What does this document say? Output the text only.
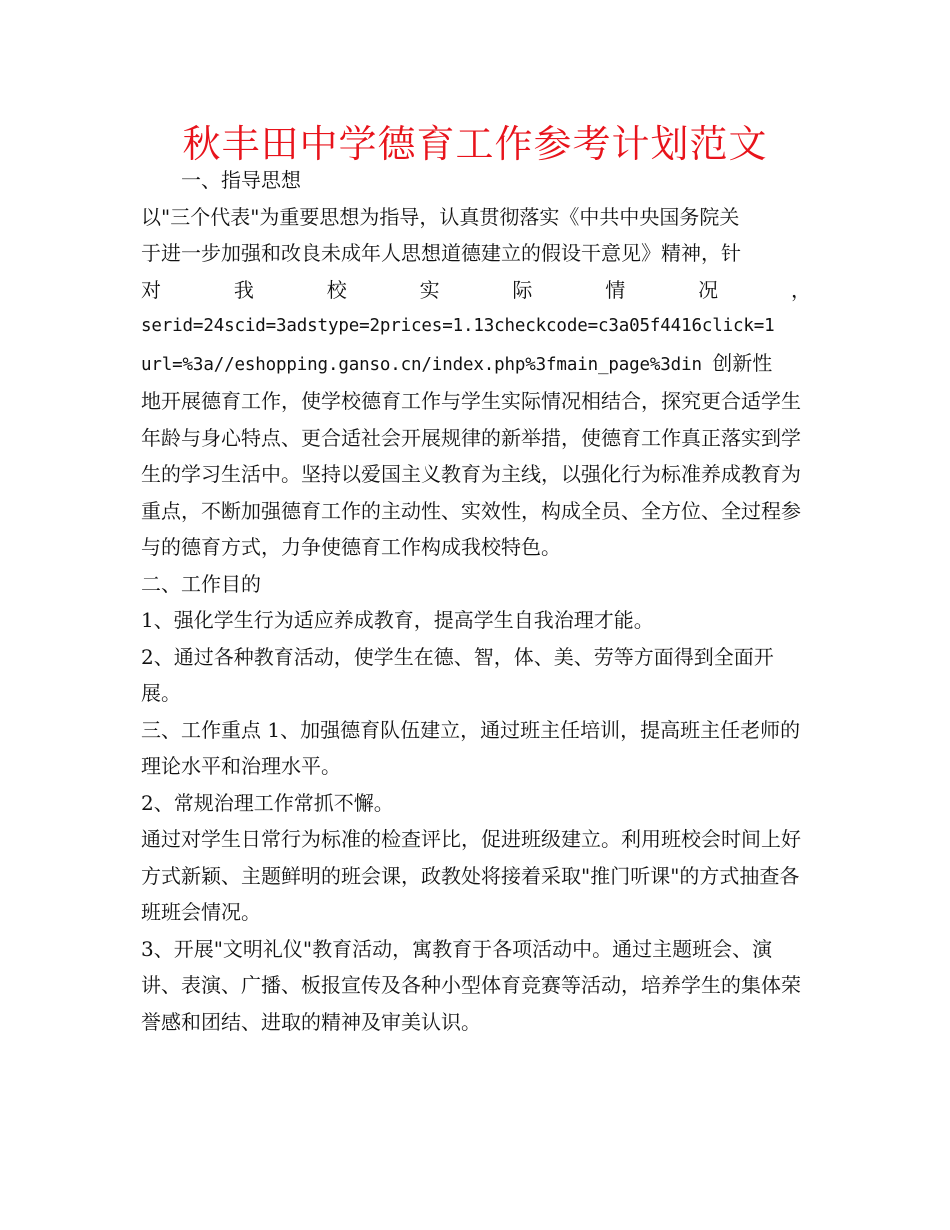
秋丰田中学德育工作参考计划范文

一、指导思想

以"三个代表"为重要思想为指导，认真贯彻落实《中共中央国务院关

于进一步加强和改良未成年人思想道德建立的假设干意见》精神，针

对我校实际情况，

serid=24scid=3adstype=2prices=1.13checkcode=c3a05f4416click=1

url=%3a//eshopping.ganso.cn/index.php%3fmain_page%3din 创新性

地开展德育工作，使学校德育工作与学生实际情况相结合，探究更合适学生年龄与身心特点、更合适社会开展规律的新举措，使德育工作真正落实到学生的学习生活中。坚持以爱国主义教育为主线，以强化行为标准养成教育为重点，不断加强德育工作的主动性、实效性，构成全员、全方位、全过程参与的德育方式，力争使德育工作构成我校特色。

二、工作目的

1、强化学生行为适应养成教育，提高学生自我治理才能。

2、通过各种教育活动，使学生在德、智，体、美、劳等方面得到全面开展。

三、工作重点 1、加强德育队伍建立，通过班主任培训，提高班主任老师的理论水平和治理水平。

2、常规治理工作常抓不懈。

通过对学生日常行为标准的检查评比，促进班级建立。利用班校会时间上好方式新颖、主题鲜明的班会课，政教处将接着采取"推门听课"的方式抽查各班班会情况。

3、开展"文明礼仪"教育活动，寓教育于各项活动中。通过主题班会、演讲、表演、广播、板报宣传及各种小型体育竞赛等活动，培养学生的集体荣誉感和团结、进取的精神及审美认识。
